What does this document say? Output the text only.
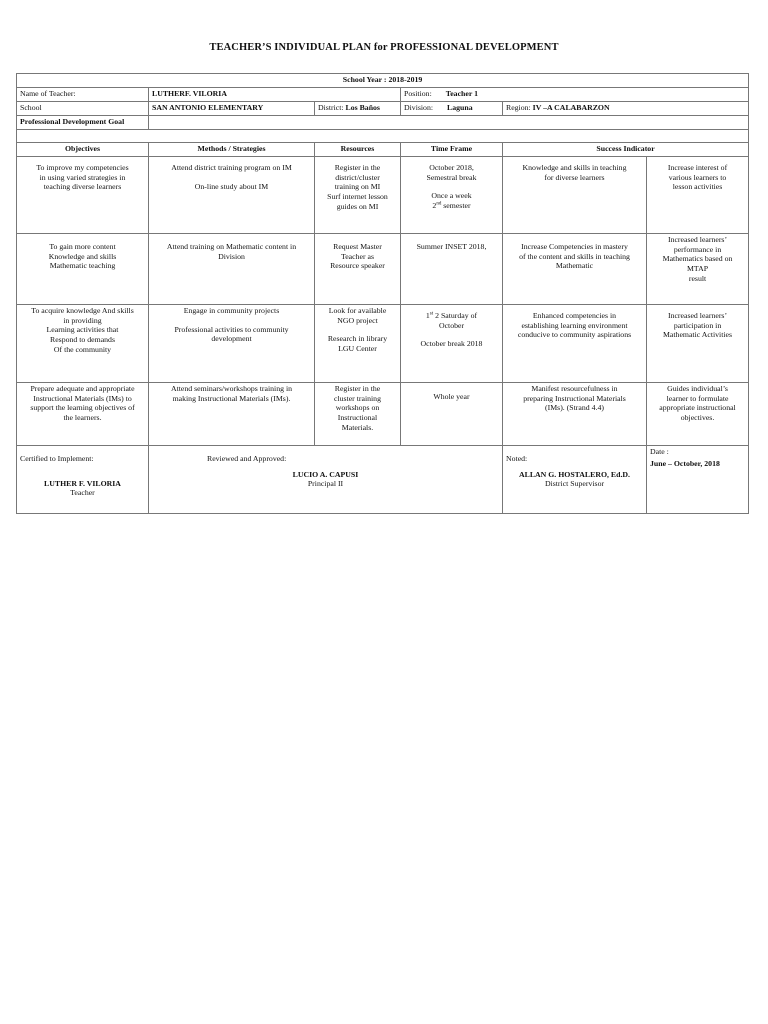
TEACHER’S INDIVIDUAL PLAN for PROFESSIONAL DEVELOPMENT
School Year : 2018-2019					
Name of Teacher:	LUTHERF. VILORIA		Position: Teacher 1		
School	SAN ANTONIO ELEMENTARY	District: Los Baños	Division: Laguna	Region: IV –A CALABARZON	
Professional Development Goal					

Objectives	Methods / Strategies	Resources	Time Frame	Success Indicator	

To improve my competencies
in using varied strategies in
teaching diverse learners	Attend district training program on IM
On-line study about IM	Register in the
district/cluster
training on MI
Surf internet lesson
guides on MI	October 2018,
Semestral break
Once a week
2nd semester	Knowledge and skills in teaching
for diverse learners	Increase interest of
various learners to
lesson activities

To gain more content
Knowledge and skills
Mathematic teaching	Attend training on Mathematic content in
Division	Request Master
Teacher as
Resource speaker	Summer INSET 2018,	Increase Competencies in mastery
of the content and skills in teaching
Mathematic	Increased learners’
performance in
Mathematics based on
MTAP
result

To acquire knowledge And skills
in providing
Learning activities that
Respond to demands
Of the community	Engage in community projects
Professional activities to community
development	Look for available
NGO project
Research in library
LGU Center	1st 2 Saturday of
October
October break 2018	Enhanced competencies in
establishing learning environment
conducive to community aspirations	Increased learners’
participation in
Mathematic Activities

Prepare adequate and appropriate
Instructional Materials (IMs) to
support the learning objectives of
the learners.	Attend seminars/workshops training in
making Instructional Materials (IMs).	Register in the
cluster training
workshops on
Instructional
Materials.	Whole year	Manifest resourcefulness in
preparing Instructional Materials
(IMs). (Strand 4.4)	Guides individual’s
learner to formulate
appropriate instructional
objectives.

Certified to Implement:
LUTHER F. VILORIA
Teacher	Reviewed and Approved:
LUCIO A. CAPUSI
Principal II			Noted:
ALLAN G. HOSTALERO, Ed.D.
District Supervisor	Date :
June – October, 2018
